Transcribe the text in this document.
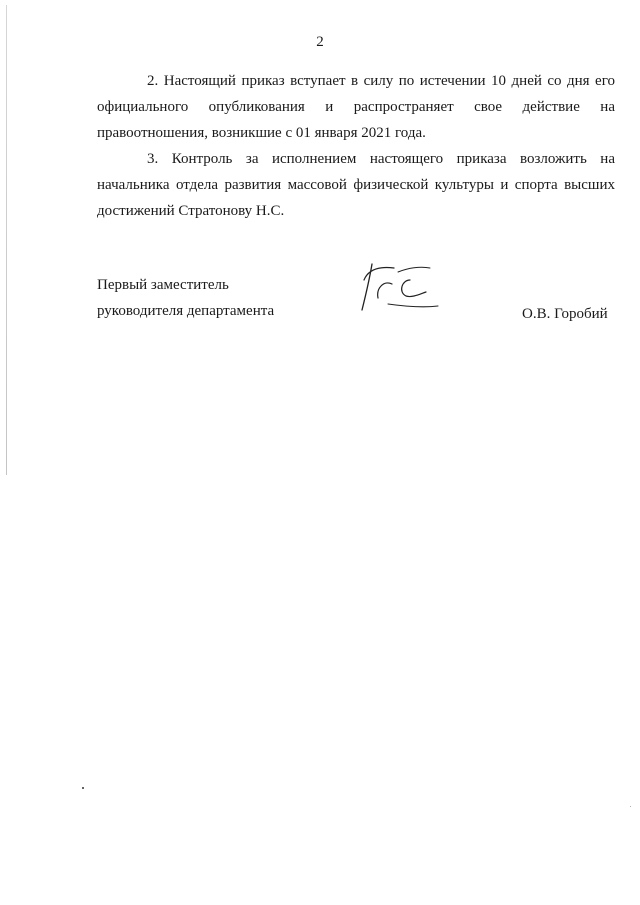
2

2. Настоящий приказ вступает в силу по истечении 10 дней со дня его
официального опубликования и распространяет свое действие на
правоотношения, возникшие с 01 января 2021 года.

3. Контроль за исполнением настоящего приказа возложить на
начальника отдела развития массовой физической культуры и спорта высших
достижений Стратонову Н.С.

Первый заместитель
руководителя департамента	О.В. Горобий
